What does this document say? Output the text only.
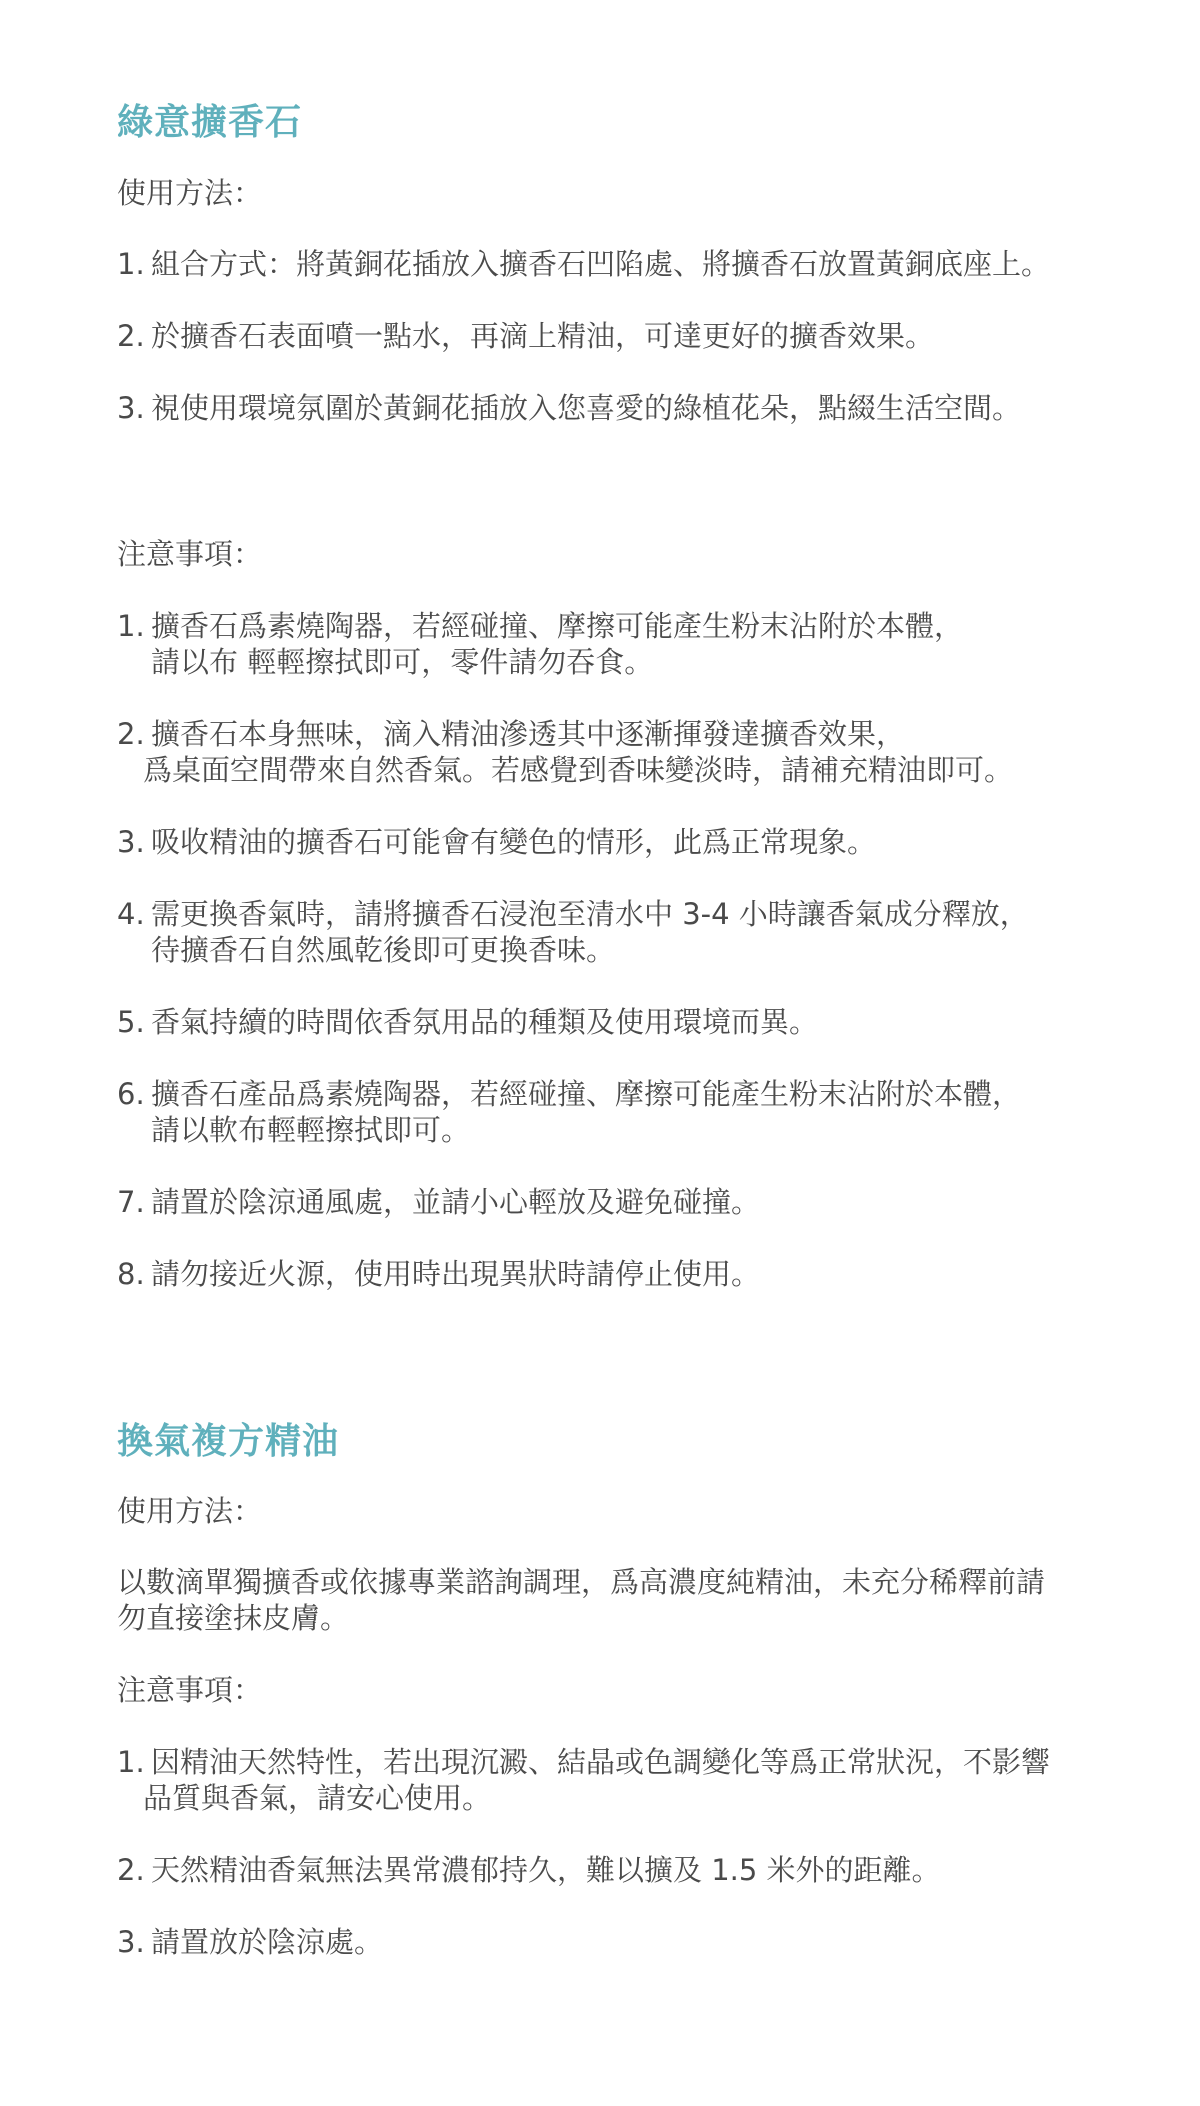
綠意擴香石
使用方法：
1. 組合方式：將黃銅花插放入擴香石凹陷處、將擴香石放置黃銅底座上。
2. 於擴香石表面噴一點水，再滴上精油，可達更好的擴香效果。
3. 視使用環境氛圍於黃銅花插放入您喜愛的綠植花朵，點綴生活空間。
注意事項：
1. 擴香石爲素燒陶器，若經碰撞、摩擦可能產生粉末沾附於本體，
請以布 輕輕擦拭即可，零件請勿吞食。
2. 擴香石本身無味，滴入精油滲透其中逐漸揮發達擴香效果，
爲桌面空間帶來自然香氣。若感覺到香味變淡時，請補充精油即可。
3. 吸收精油的擴香石可能會有變色的情形，此爲正常現象。
4. 需更換香氣時，請將擴香石浸泡至清水中 3-4 小時讓香氣成分釋放，
待擴香石自然風乾後即可更換香味。
5. 香氣持續的時間依香氛用品的種類及使用環境而異。
6. 擴香石產品爲素燒陶器，若經碰撞、摩擦可能產生粉末沾附於本體，
請以軟布輕輕擦拭即可。
7. 請置於陰涼通風處，並請小心輕放及避免碰撞。
8. 請勿接近火源，使用時出現異狀時請停止使用。
換氣複方精油
使用方法：
以數滴單獨擴香或依據專業諮詢調理，爲高濃度純精油，未充分稀釋前請
勿直接塗抹皮膚。
注意事項：
1. 因精油天然特性，若出現沉澱、結晶或色調變化等爲正常狀況，不影響
品質與香氣，請安心使用。
2. 天然精油香氣無法異常濃郁持久，難以擴及 1.5 米外的距離。
3. 請置放於陰涼處。
